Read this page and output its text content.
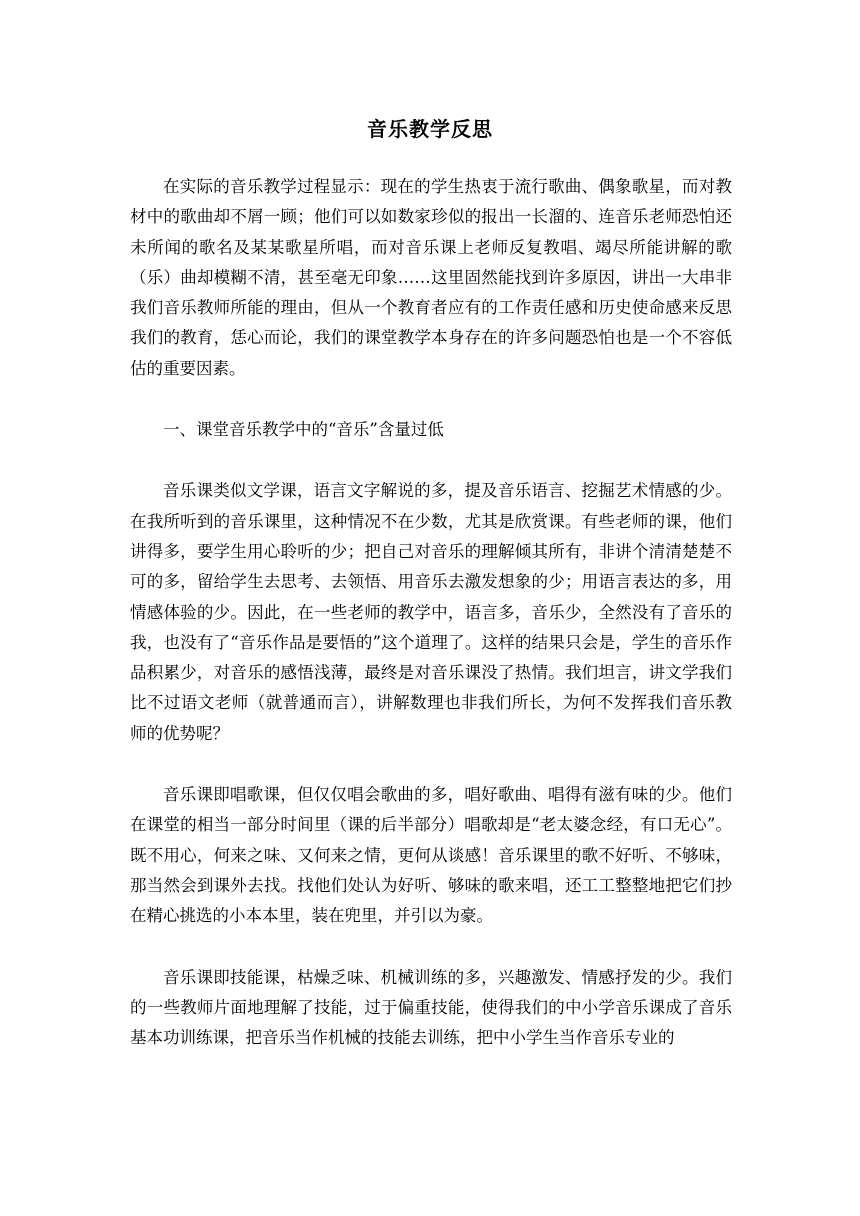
音乐教学反思

在实际的音乐教学过程显示：现在的学生热衷于流行歌曲、偶象歌星，而对教材中的歌曲却不屑一顾；他们可以如数家珍似的报出一长溜的、连音乐老师恐怕还未所闻的歌名及某某歌星所唱，而对音乐课上老师反复教唱、竭尽所能讲解的歌（乐）曲却模糊不清，甚至毫无印象……这里固然能找到许多原因，讲出一大串非我们音乐教师所能的理由，但从一个教育者应有的工作责任感和历史使命感来反思我们的教育，恁心而论，我们的课堂教学本身存在的许多问题恐怕也是一个不容低估的重要因素。

一、课堂音乐教学中的“音乐”含量过低

音乐课类似文学课，语言文字解说的多，提及音乐语言、挖掘艺术情感的少。在我所听到的音乐课里，这种情况不在少数，尤其是欣赏课。有些老师的课，他们讲得多，要学生用心聆听的少；把自己对音乐的理解倾其所有，非讲个清清楚楚不可的多，留给学生去思考、去领悟、用音乐去激发想象的少；用语言表达的多，用情感体验的少。因此，在一些老师的教学中，语言多，音乐少，全然没有了音乐的我，也没有了“音乐作品是要悟的”这个道理了。这样的结果只会是，学生的音乐作品积累少，对音乐的感悟浅薄，最终是对音乐课没了热情。我们坦言，讲文学我们比不过语文老师（就普通而言），讲解数理也非我们所长，为何不发挥我们音乐教师的优势呢？

音乐课即唱歌课，但仅仅唱会歌曲的多，唱好歌曲、唱得有滋有味的少。他们在课堂的相当一部分时间里（课的后半部分）唱歌却是“老太婆念经，有口无心”。既不用心，何来之味、又何来之情，更何从谈感！音乐课里的歌不好听、不够味，那当然会到课外去找。找他们处认为好听、够味的歌来唱，还工工整整地把它们抄在精心挑选的小本本里，装在兜里，并引以为豪。

音乐课即技能课，枯燥乏味、机械训练的多，兴趣激发、情感抒发的少。我们的一些教师片面地理解了技能，过于偏重技能，使得我们的中小学音乐课成了音乐基本功训练课，把音乐当作机械的技能去训练，把中小学生当作音乐专业的
